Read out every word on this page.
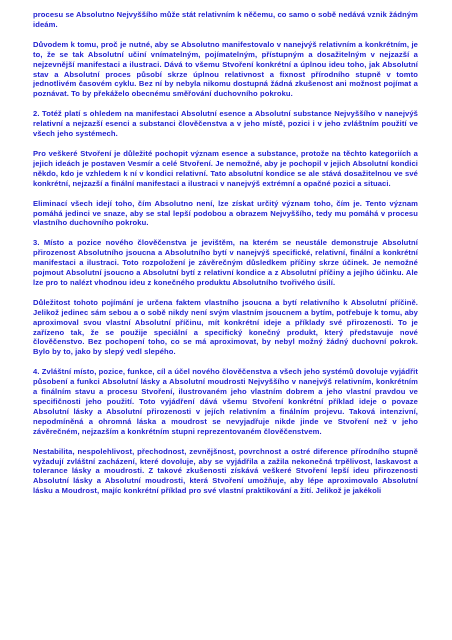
procesu se Absolutno Nejvyššího může stát relativním k něčemu, co samo o sobě nedává vznik žádným ideám.

Důvodem k tomu, proč je nutné, aby se Absolutno manifestovalo v nanejvýš relativním a konkrétním, je to, že se tak Absolutní učiní vnímatelným, pojímatelným, přístupným a dosažitelným v nejzazší a nejzevnější manifestaci a ilustraci. Dává to všemu Stvoření konkrétní a úplnou ideu toho, jak Absolutní stav a Absolutní proces působí skrze úplnou relativnost a fixnost přírodního stupně v tomto jednotlivém časovém cyklu. Bez ní by nebyla nikomu dostupná žádná zkušenost ani možnost pojímat a poznávat. To by překáželo obecnému směřování duchovního pokroku.

2. Totéž platí s ohledem na manifestaci Absolutní esence a Absolutní substance Nejvyššího v nanejvýš relativní a nejzazší esenci a substanci člověčenstva a v jeho místě, pozici i v jeho zvláštním použití ve všech jeho systémech.

Pro veškeré Stvoření je důležité pochopit význam esence a substance, protože na těchto kategoriích a jejich ideách je postaven Vesmír a celé Stvoření. Je nemožné, aby je pochopil v jejich Absolutní kondici někdo, kdo je vzhledem k ní v kondici relativní. Tato absolutní kondice se ale stává dosažitelnou ve své konkrétní, nejzazší a finální manifestaci a ilustraci v nanejvýš extrémní a opačné pozici a situaci.

Eliminací všech idejí toho, čím Absolutno není, lze získat určitý význam toho, čím je. Tento význam pomáhá jedinci ve snaze, aby se stal lepší podobou a obrazem Nejvyššího, tedy mu pomáhá v procesu vlastního duchovního pokroku.

3. Místo a pozice nového člověčenstva je jevištěm, na kterém se neustále demonstruje Absolutní přirozenost Absolutního jsoucna a Absolutního bytí v nanejvýš specifické, relativní, finální a konkrétní manifestaci a ilustraci. Toto rozpoložení je závěrečným důsledkem příčiny skrze účinek. Je nemožné pojmout Absolutní jsoucno a Absolutní bytí z relativní kondice a z Absolutní příčiny a jejího účinku. Ale lze pro to nalézt vhodnou ideu z konečného produktu Absolutního tvořivého úsilí.

Důležitost tohoto pojímání je určena faktem vlastního jsoucna a bytí relativního k Absolutní příčině. Jelikož jedinec sám sebou a o sobě nikdy není svým vlastním jsoucnem a bytím, potřebuje k tomu, aby aproximoval svou vlastní Absolutní příčinu, mít konkrétní ideje a příklady své přirozenosti. To je zařízeno tak, že se použije speciální a specifický konečný produkt, který představuje nové člověčenstvo. Bez pochopení toho, co se má aproximovat, by nebyl možný žádný duchovní pokrok. Bylo by to, jako by slepý vedl slepého.

4. Zvláštní místo, pozice, funkce, cíl a účel nového člověčenstva a všech jeho systémů dovoluje vyjádřit působení a funkci Absolutní lásky a Absolutní moudrosti Nejvyššího v nanejvýš relativním, konkrétním a finálním stavu a procesu Stvoření, ilustrovaném jeho vlastním dobrem a jeho vlastní pravdou ve specifičnosti jeho použití. Toto vyjádření dává všemu Stvoření konkrétní příklad ideje o povaze Absolutní lásky a Absolutní přirozenosti v jejích relativním a finálním projevu. Taková intenzivní, nepodmíněná a ohromná láska a moudrost se nevyjadřuje nikde jinde ve Stvoření než v jeho závěrečném, nejzazším a konkrétním stupni reprezentovaném člověčenstvem.

Nestabilita, nespolehlivost, přechodnost, zevnějšnost, povrchnost a ostré diference přírodního stupně vyžadují zvláštní zacházení, které dovoluje, aby se vyjádřila a zažila nekonečná trpělivost, laskavost a tolerance lásky a moudrosti. Z takové zkušenosti získává veškeré Stvoření lepší ideu přirozenosti Absolutní lásky a Absolutní moudrosti, která Stvoření umožňuje, aby lépe aproximovalo Absolutní lásku a Moudrost, majíc konkrétní příklad pro své vlastní praktikování a žití. Jelikož je jakékoli
